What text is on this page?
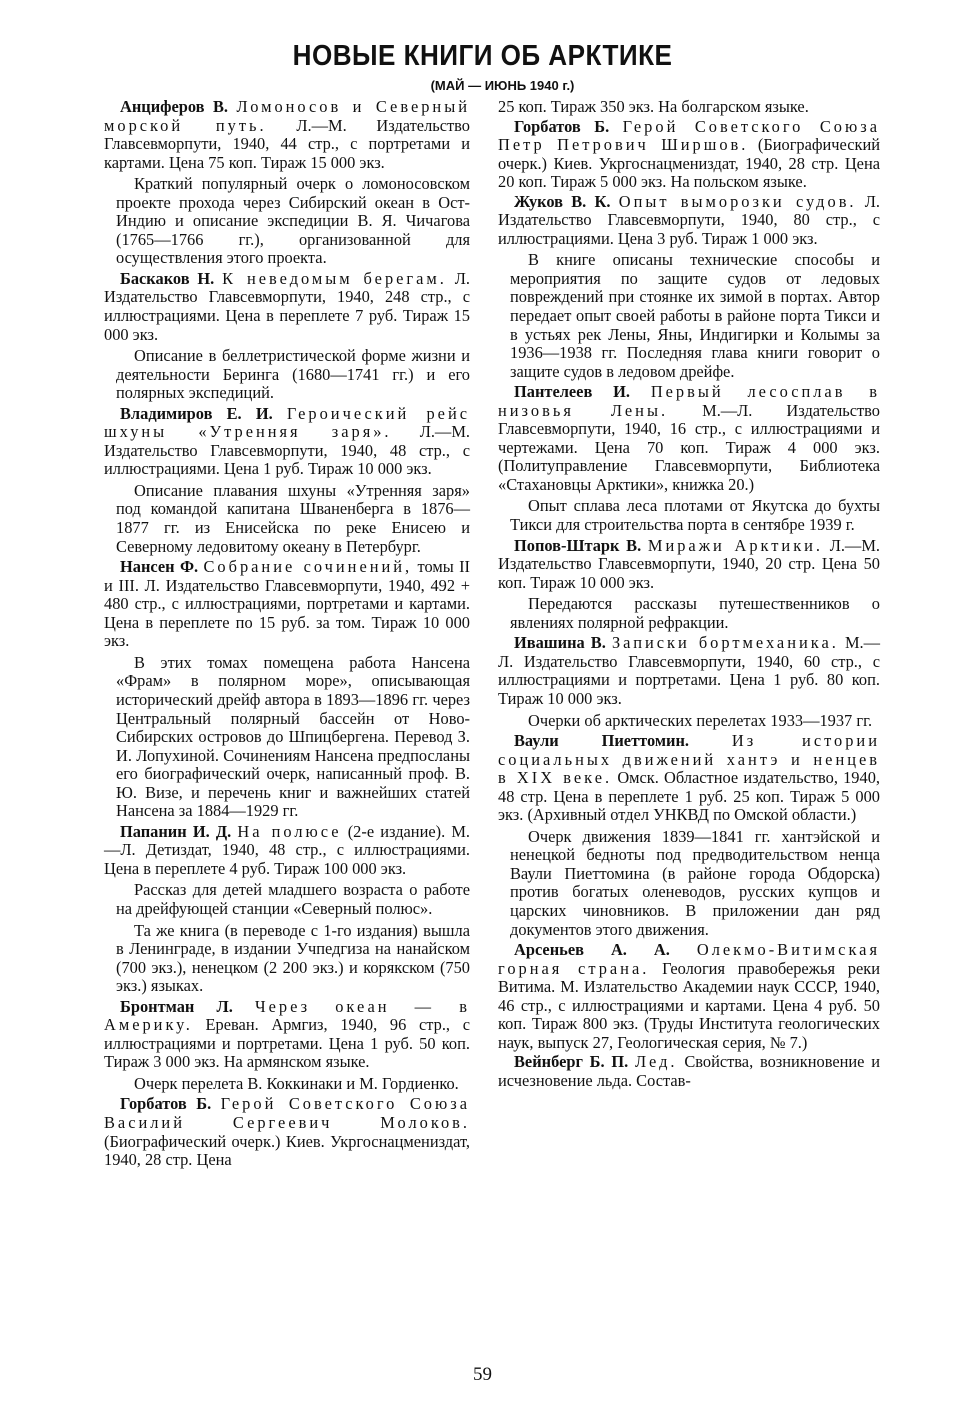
НОВЫЕ КНИГИ ОБ АРКТИКЕ
(МАЙ — ИЮНЬ 1940 г.)

Анциферов В. Ломоносов и Северный морской путь. Л.—М. Издательство Главсевморпути, 1940, 44 стр., с портретами и картами. Цена 75 коп. Тираж 15 000 экз.

Краткий популярный очерк о ломоносовском проекте прохода через Сибирский океан в Ост-Индию и описание экспедиции В. Я. Чичагова (1765—1766 гг.), организованной для осуществления этого проекта.

Баскаков Н. К неведомым берегам. Л. Издательство Главсевморпути, 1940, 248 стр., с иллюстрациями. Цена в переплете 7 руб. Тираж 15 000 экз.

Описание в беллетристической форме жизни и деятельности Беринга (1680—1741 гг.) и его полярных экспедиций.

Владимиров Е. И. Героический рейс шхуны «Утренняя заря». Л.—М. Издательство Главсевморпути, 1940, 48 стр., с иллюстрациями. Цена 1 руб. Тираж 10 000 экз.

Описание плавания шхуны «Утренняя заря» под командой капитана Шваненберга в 1876—1877 гг. из Енисейска по реке Енисею и Северному ледовитому океану в Петербург.

Нансен Ф. Собрание сочинений, томы II и III. Л. Издательство Главсевморпути, 1940, 492 + 480 стр., с иллюстрациями, портретами и картами. Цена в переплете по 15 руб. за том. Тираж 10 000 экз.

В этих томах помещена работа Нансена «Фрам» в полярном море», описывающая исторический дрейф автора в 1893—1896 гг. через Центральный полярный бассейн от Ново-Сибирских островов до Шпицбергена. Перевод З. И. Лопухиной. Сочинениям Нансена предпосланы его биографический очерк, написанный проф. В. Ю. Визе, и перечень книг и важнейших статей Нансена за 1884—1929 гг.

Папанин И. Д. На полюсе (2-е издание). М.—Л. Детиздат, 1940, 48 стр., с иллюстрациями. Цена в переплете 4 руб. Тираж 100 000 экз.

Рассказ для детей младшего возраста о работе на дрейфующей станции «Северный полюс».

Та же книга (в переводе с 1-го издания) вышла в Ленинграде, в издании Учпедгиза на нанайском (700 экз.), ненецком (2 200 экз.) и корякском (750 экз.) языках.

Бронтман Л. Через океан — в Америку. Ереван. Армгиз, 1940, 96 стр., с иллюстрациями и портретами. Цена 1 руб. 50 коп. Тираж 3 000 экз. На армянском языке.

Очерк перелета В. Коккинаки и М. Гордиенко.

Горбатов Б. Герой Советского Союза Василий Сергеевич Молоков. (Биографический очерк.) Киев. Укргоснацмениздат, 1940, 28 стр. Цена

25 коп. Тираж 350 экз. На болгарском языке.

Горбатов Б. Герой Советского Союза Петр Петрович Ширшов. (Биографический очерк.) Киев. Укргоснацмениздат, 1940, 28 стр. Цена 20 коп. Тираж 5 000 экз. На польском языке.

Жуков В. К. Опыт выморозки судов. Л. Издательство Главсевморпути, 1940, 80 стр., с иллюстрациями. Цена 3 руб. Тираж 1 000 экз.

В книге описаны технические способы и мероприятия по защите судов от ледовых повреждений при стоянке их зимой в портах. Автор передает опыт своей работы в районе порта Тикси и в устьях рек Лены, Яны, Индигирки и Колымы за 1936—1938 гг. Последняя глава книги говорит о защите судов в ледовом дрейфе.

Пантелеев И. Первый лесосплав в низовья Лены. М.—Л. Издательство Главсевморпути, 1940, 16 стр., с иллюстрациями и чертежами. Цена 70 коп. Тираж 4 000 экз. (Политуправление Главсевморпути, Библиотека «Стахановцы Арктики», книжка 20.)

Опыт сплава леса плотами от Якутска до бухты Тикси для строительства порта в сентябре 1939 г.

Попов-Штарк В. Миражи Арктики. Л.—М. Издательство Главсевморпути, 1940, 20 стр. Цена 50 коп. Тираж 10 000 экз.

Передаются рассказы путешественников о явлениях полярной рефракции.

Ивашина В. Записки бортмеханика. М.—Л. Издательство Главсевморпути, 1940, 60 стр., с иллюстрациями и портретами. Цена 1 руб. 80 коп. Тираж 10 000 экз.

Очерки об арктических перелетах 1933—1937 гг.

Ваули Пиеттомин.	Из истории социальных движений хантэ и ненцев в XIX веке. Омск. Областное издательство, 1940, 48 стр. Цена в переплете 1 руб. 25 коп. Тираж 5 000 экз. (Архивный отдел УНКВД по Омской области.)

Очерк движения 1839—1841 гг. хантэйской и ненецкой бедноты под предводительством ненца Ваули Пиеттомина (в районе города Обдорска) против богатых оленеводов, русских купцов и царских чиновников. В приложении дан ряд документов этого движения.

Арсеньев А. А. Олекмо-Витимская горная страна. Геология правобережья реки Витима. М. Излательство Академии наук СССР, 1940, 46 стр., с иллюстрациями и картами. Цена 4 руб. 50 коп. Тираж 800 экз. (Труды Института геологических наук, выпуск 27, Геологическая серия, № 7.)

Вейнберг Б. П. Лед. Свойства, возникновение и исчезновение льда. Состав-

59
